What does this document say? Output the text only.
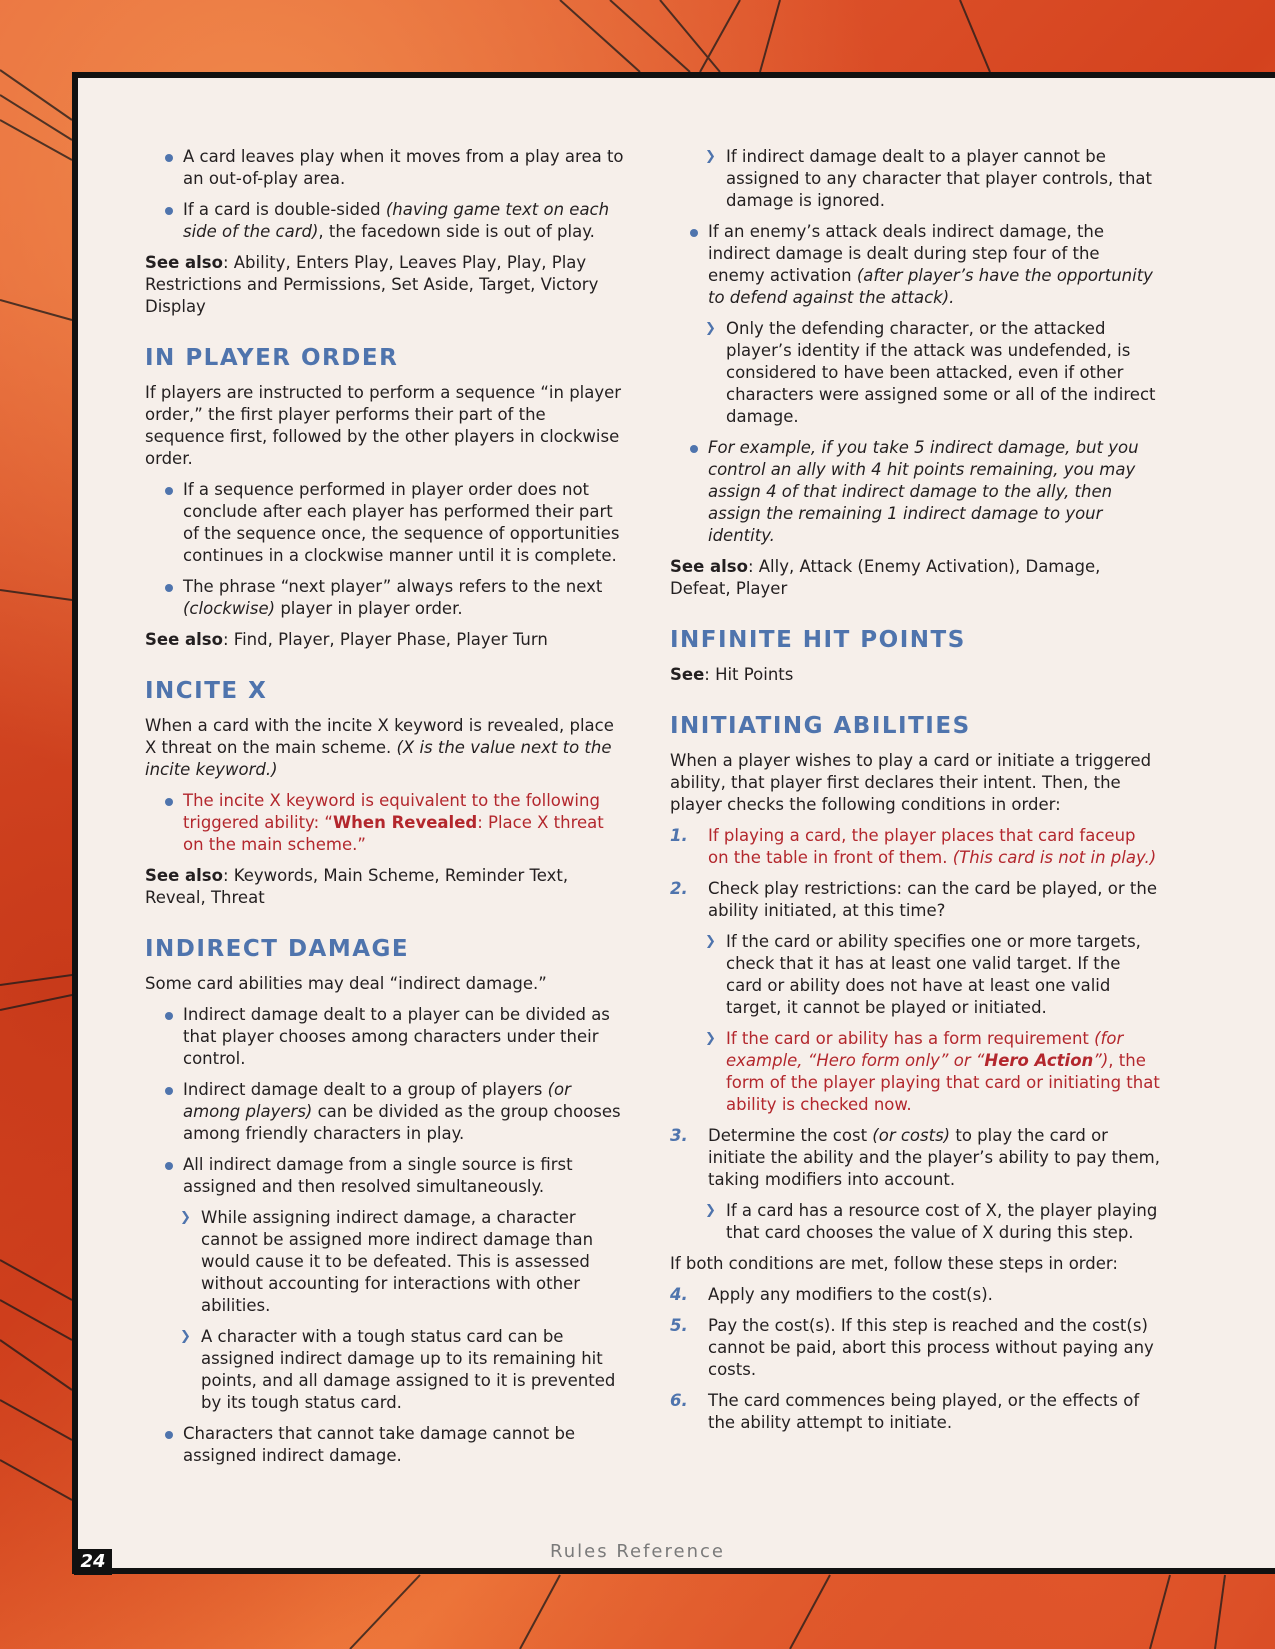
A card leaves play when it moves from a play area to an out-of-play area.
If a card is double-sided (having game text on each side of the card), the facedown side is out of play.

See also: Ability, Enters Play, Leaves Play, Play, Play Restrictions and Permissions, Set Aside, Target, Victory Display

IN PLAYER ORDER

If players are instructed to perform a sequence “in player order,” the first player performs their part of the sequence first, followed by the other players in clockwise order.

If a sequence performed in player order does not conclude after each player has performed their part of the sequence once, the sequence of opportunities continues in a clockwise manner until it is complete.
The phrase “next player” always refers to the next (clockwise) player in player order.

See also: Find, Player, Player Phase, Player Turn

INCITE X

When a card with the incite X keyword is revealed, place X threat on the main scheme. (X is the value next to the incite keyword.)

The incite X keyword is equivalent to the following triggered ability: “When Revealed: Place X threat on the main scheme.”

See also: Keywords, Main Scheme, Reminder Text, Reveal, Threat

INDIRECT DAMAGE

Some card abilities may deal “indirect damage.”

Indirect damage dealt to a player can be divided as that player chooses among characters under their control.
Indirect damage dealt to a group of players (or among players) can be divided as the group chooses among friendly characters in play.
All indirect damage from a single source is first assigned and then resolved simultaneously.
❯ While assigning indirect damage, a character cannot be assigned more indirect damage than would cause it to be defeated. This is assessed without accounting for interactions with other abilities.
❯ A character with a tough status card can be assigned indirect damage up to its remaining hit points, and all damage assigned to it is prevented by its tough status card.
Characters that cannot take damage cannot be assigned indirect damage.
❯ If indirect damage dealt to a player cannot be assigned to any character that player controls, that damage is ignored.
If an enemy’s attack deals indirect damage, the indirect damage is dealt during step four of the enemy activation (after player’s have the opportunity to defend against the attack).
❯ Only the defending character, or the attacked player’s identity if the attack was undefended, is considered to have been attacked, even if other characters were assigned some or all of the indirect damage.
For example, if you take 5 indirect damage, but you control an ally with 4 hit points remaining, you may assign 4 of that indirect damage to the ally, then assign the remaining 1 indirect damage to your identity.

See also: Ally, Attack (Enemy Activation), Damage, Defeat, Player

INFINITE HIT POINTS

See: Hit Points

INITIATING ABILITIES

When a player wishes to play a card or initiate a triggered ability, that player first declares their intent. Then, the player checks the following conditions in order:

1. If playing a card, the player places that card faceup on the table in front of them. (This card is not in play.)
2. Check play restrictions: can the card be played, or the ability initiated, at this time?
❯ If the card or ability specifies one or more targets, check that it has at least one valid target. If the card or ability does not have at least one valid target, it cannot be played or initiated.
❯ If the card or ability has a form requirement (for example, “Hero form only” or “Hero Action”), the form of the player playing that card or initiating that ability is checked now.
3. Determine the cost (or costs) to play the card or initiate the ability and the player’s ability to pay them, taking modifiers into account.
❯ If a card has a resource cost of X, the player playing that card chooses the value of X during this step.

If both conditions are met, follow these steps in order:

4. Apply any modifiers to the cost(s).
5. Pay the cost(s). If this step is reached and the cost(s) cannot be paid, abort this process without paying any costs.
6. The card commences being played, or the effects of the ability attempt to initiate.
Rules Reference
24
